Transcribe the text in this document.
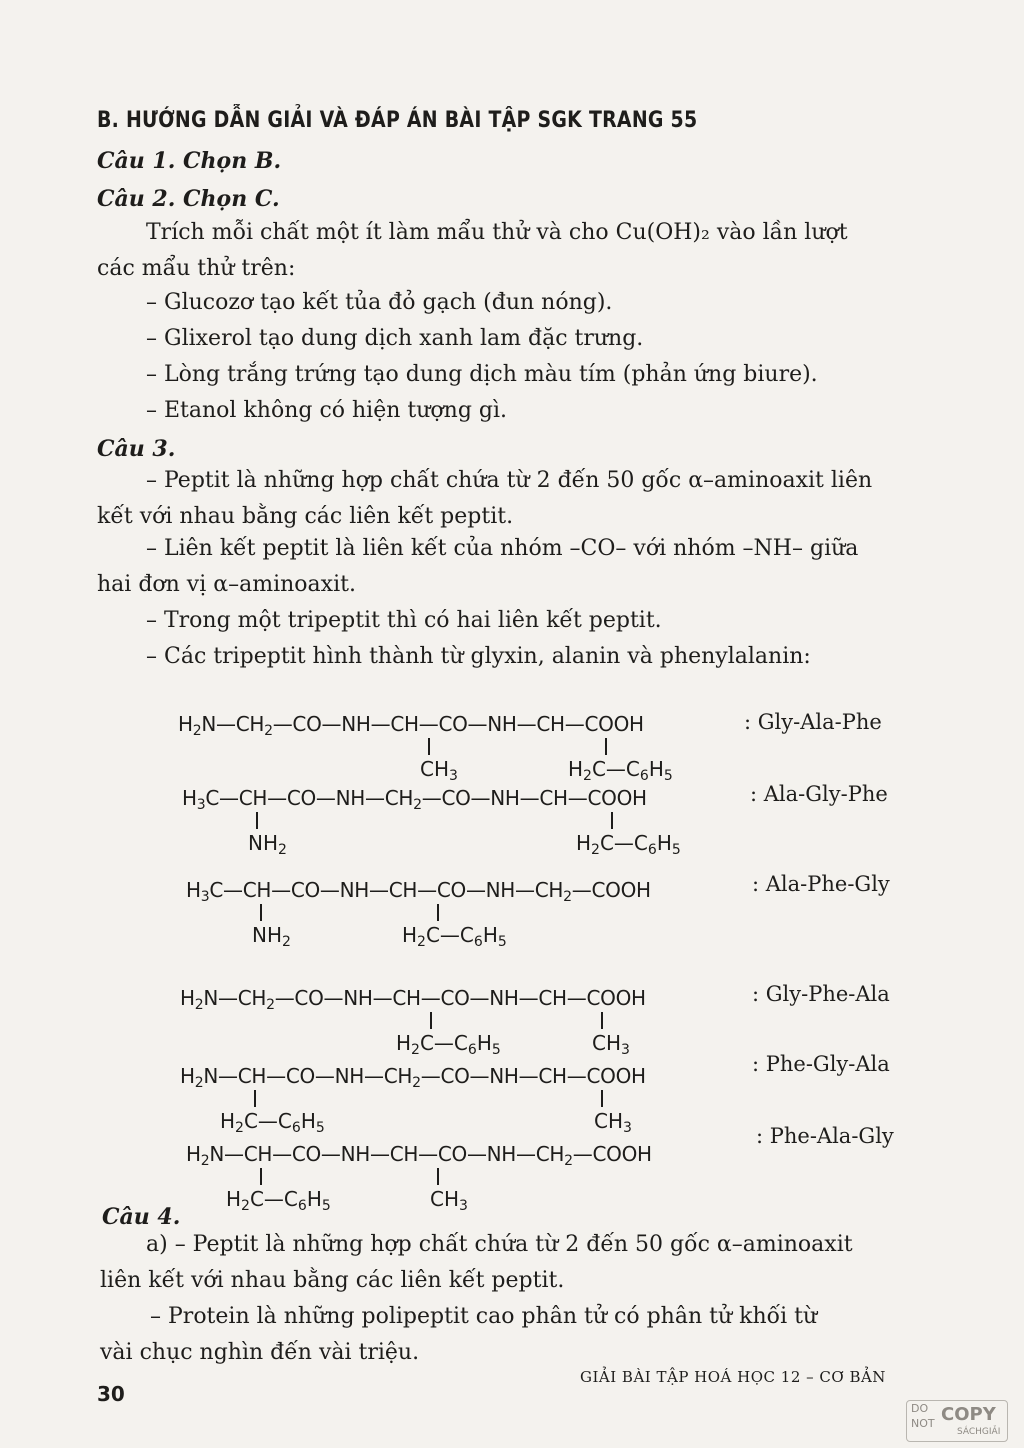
B. HƯỚNG DẪN GIẢI VÀ ĐÁP ÁN BÀI TẬP SGK TRANG 55
Câu 1. Chọn B.
Câu 2. Chọn C.
Trích mỗi chất một ít làm mẩu thử và cho Cu(OH)₂ vào lần lượt
các mẩu thử trên:
– Glucozơ tạo kết tủa đỏ gạch (đun nóng).
– Glixerol tạo dung dịch xanh lam đặc trưng.
– Lòng trắng trứng tạo dung dịch màu tím (phản ứng biure).
– Etanol không có hiện tượng gì.
Câu 3.
– Peptit là những hợp chất chứa từ 2 đến 50 gốc α–aminoaxit liên
kết với nhau bằng các liên kết peptit.
– Liên kết peptit là liên kết của nhóm –CO– với nhóm –NH– giữa
hai đơn vị α–aminoaxit.
– Trong một tripeptit thì có hai liên kết peptit.
– Các tripeptit hình thành từ glyxin, alanin và phenylalanin:
$H_2N—CH_2—CO—NH—CH—CO—NH—CH—COOH$
$CH_3$	$H_2C—C_6H_5$
: Gly-Ala-Phe
$H_3C—CH—CO—NH—CH_2—CO—NH—CH—COOH$
$NH_2$	$H_2C—C_6H_5$
: Ala-Gly-Phe
$H_3C—CH—CO—NH—CH—CO—NH—CH_2—COOH$
$NH_2$	$H_2C—C_6H_5$
: Ala-Phe-Gly
$H_2N—CH_2—CO—NH—CH—CO—NH—CH—COOH$
$H_2C—C_6H_5$	$CH_3$
: Gly-Phe-Ala
$H_2N—CH—CO—NH—CH_2—CO—NH—CH—COOH$
$H_2C—C_6H_5$	$CH_3$
: Phe-Gly-Ala
$H_2N—CH—CO—NH—CH—CO—NH—CH_2—COOH$
$H_2C—C_6H_5$	$CH_3$
: Phe-Ala-Gly
Câu 4.
a) – Peptit là những hợp chất chứa từ 2 đến 50 gốc α–aminoaxit
liên kết với nhau bằng các liên kết peptit.
– Protein là những polipeptit cao phân tử có phân tử khối từ
vài chục nghìn đến vài triệu.
30
GIẢI BÀI TẬP HOÁ HỌC 12 – CƠ BẢN
DO
NOT COPY
SÁCHGIẢI
